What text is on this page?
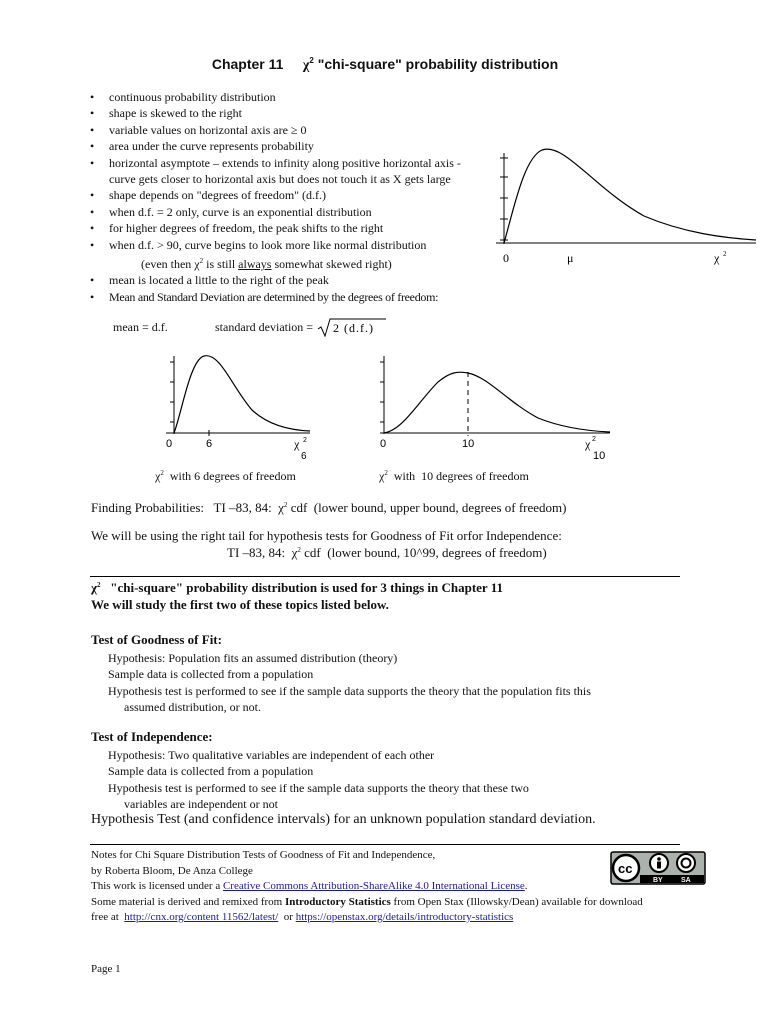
Chapter 11 $\chi^2$ "chi-square" probability distribution
• continuous probability distribution
• shape is skewed to the right
• variable values on horizontal axis are ≥ 0
• area under the curve represents probability
• horizontal asymptote – extends to infinity along positive horizontal axis - curve gets closer to horizontal axis but does not touch it as X gets large
• shape depends on "degrees of freedom" (d.f.)
• when d.f. = 2 only, curve is an exponential distribution
• for higher degrees of freedom, the peak shifts to the right
• when d.f. > 90, curve begins to look more like normal distribution
(even then $\chi^2$ is still always somewhat skewed right)
• mean is located a little to the right of the peak
• Mean and Standard Deviation are determined by the degrees of freedom:
mean = d.f.	standard deviation = 2 (d.f.)
0	μ	χ 2
0	6	χ 2
6
0	10	χ 2
10
$\chi^2$  with 6 degrees of freedom	$\chi^2$  with  10 degrees of freedom
Finding Probabilities:   TI –83, 84:  $\chi^2$ cdf  (lower bound, upper bound, degrees of freedom)
We will be using the right tail for hypothesis tests for Goodness of Fit orfor Independence:
TI –83, 84:  $\chi^2$ cdf  (lower bound, 10^99, degrees of freedom)
$\chi^2$   "chi-square" probability distribution is used for 3 things in Chapter 11
We will study the first two of these topics listed below.
Test of Goodness of Fit:
Hypothesis: Population fits an assumed distribution (theory)
Sample data is collected from a population
Hypothesis test is performed to see if the sample data supports the theory that the population fits this
assumed distribution, or not.
Test of Independence:
Hypothesis: Two qualitative variables are independent of each other
Sample data is collected from a population
Hypothesis test is performed to see if the sample data supports the theory that these two
variables are independent or not
Hypothesis Test (and confidence intervals) for an unknown population standard deviation.
Notes for Chi Square Distribution Tests of Goodness of Fit and Independence,
by Roberta Bloom, De Anza College
This work is licensed under a Creative Commons Attribution-ShareAlike 4.0 International License.
Some material is derived and remixed from Introductory Statistics from Open Stax (Illowsky/Dean) available for download
free at  http://cnx.org/content 11562/latest/  or https://openstax.org/details/introductory-statistics
cc
BY	SA
Page 1
